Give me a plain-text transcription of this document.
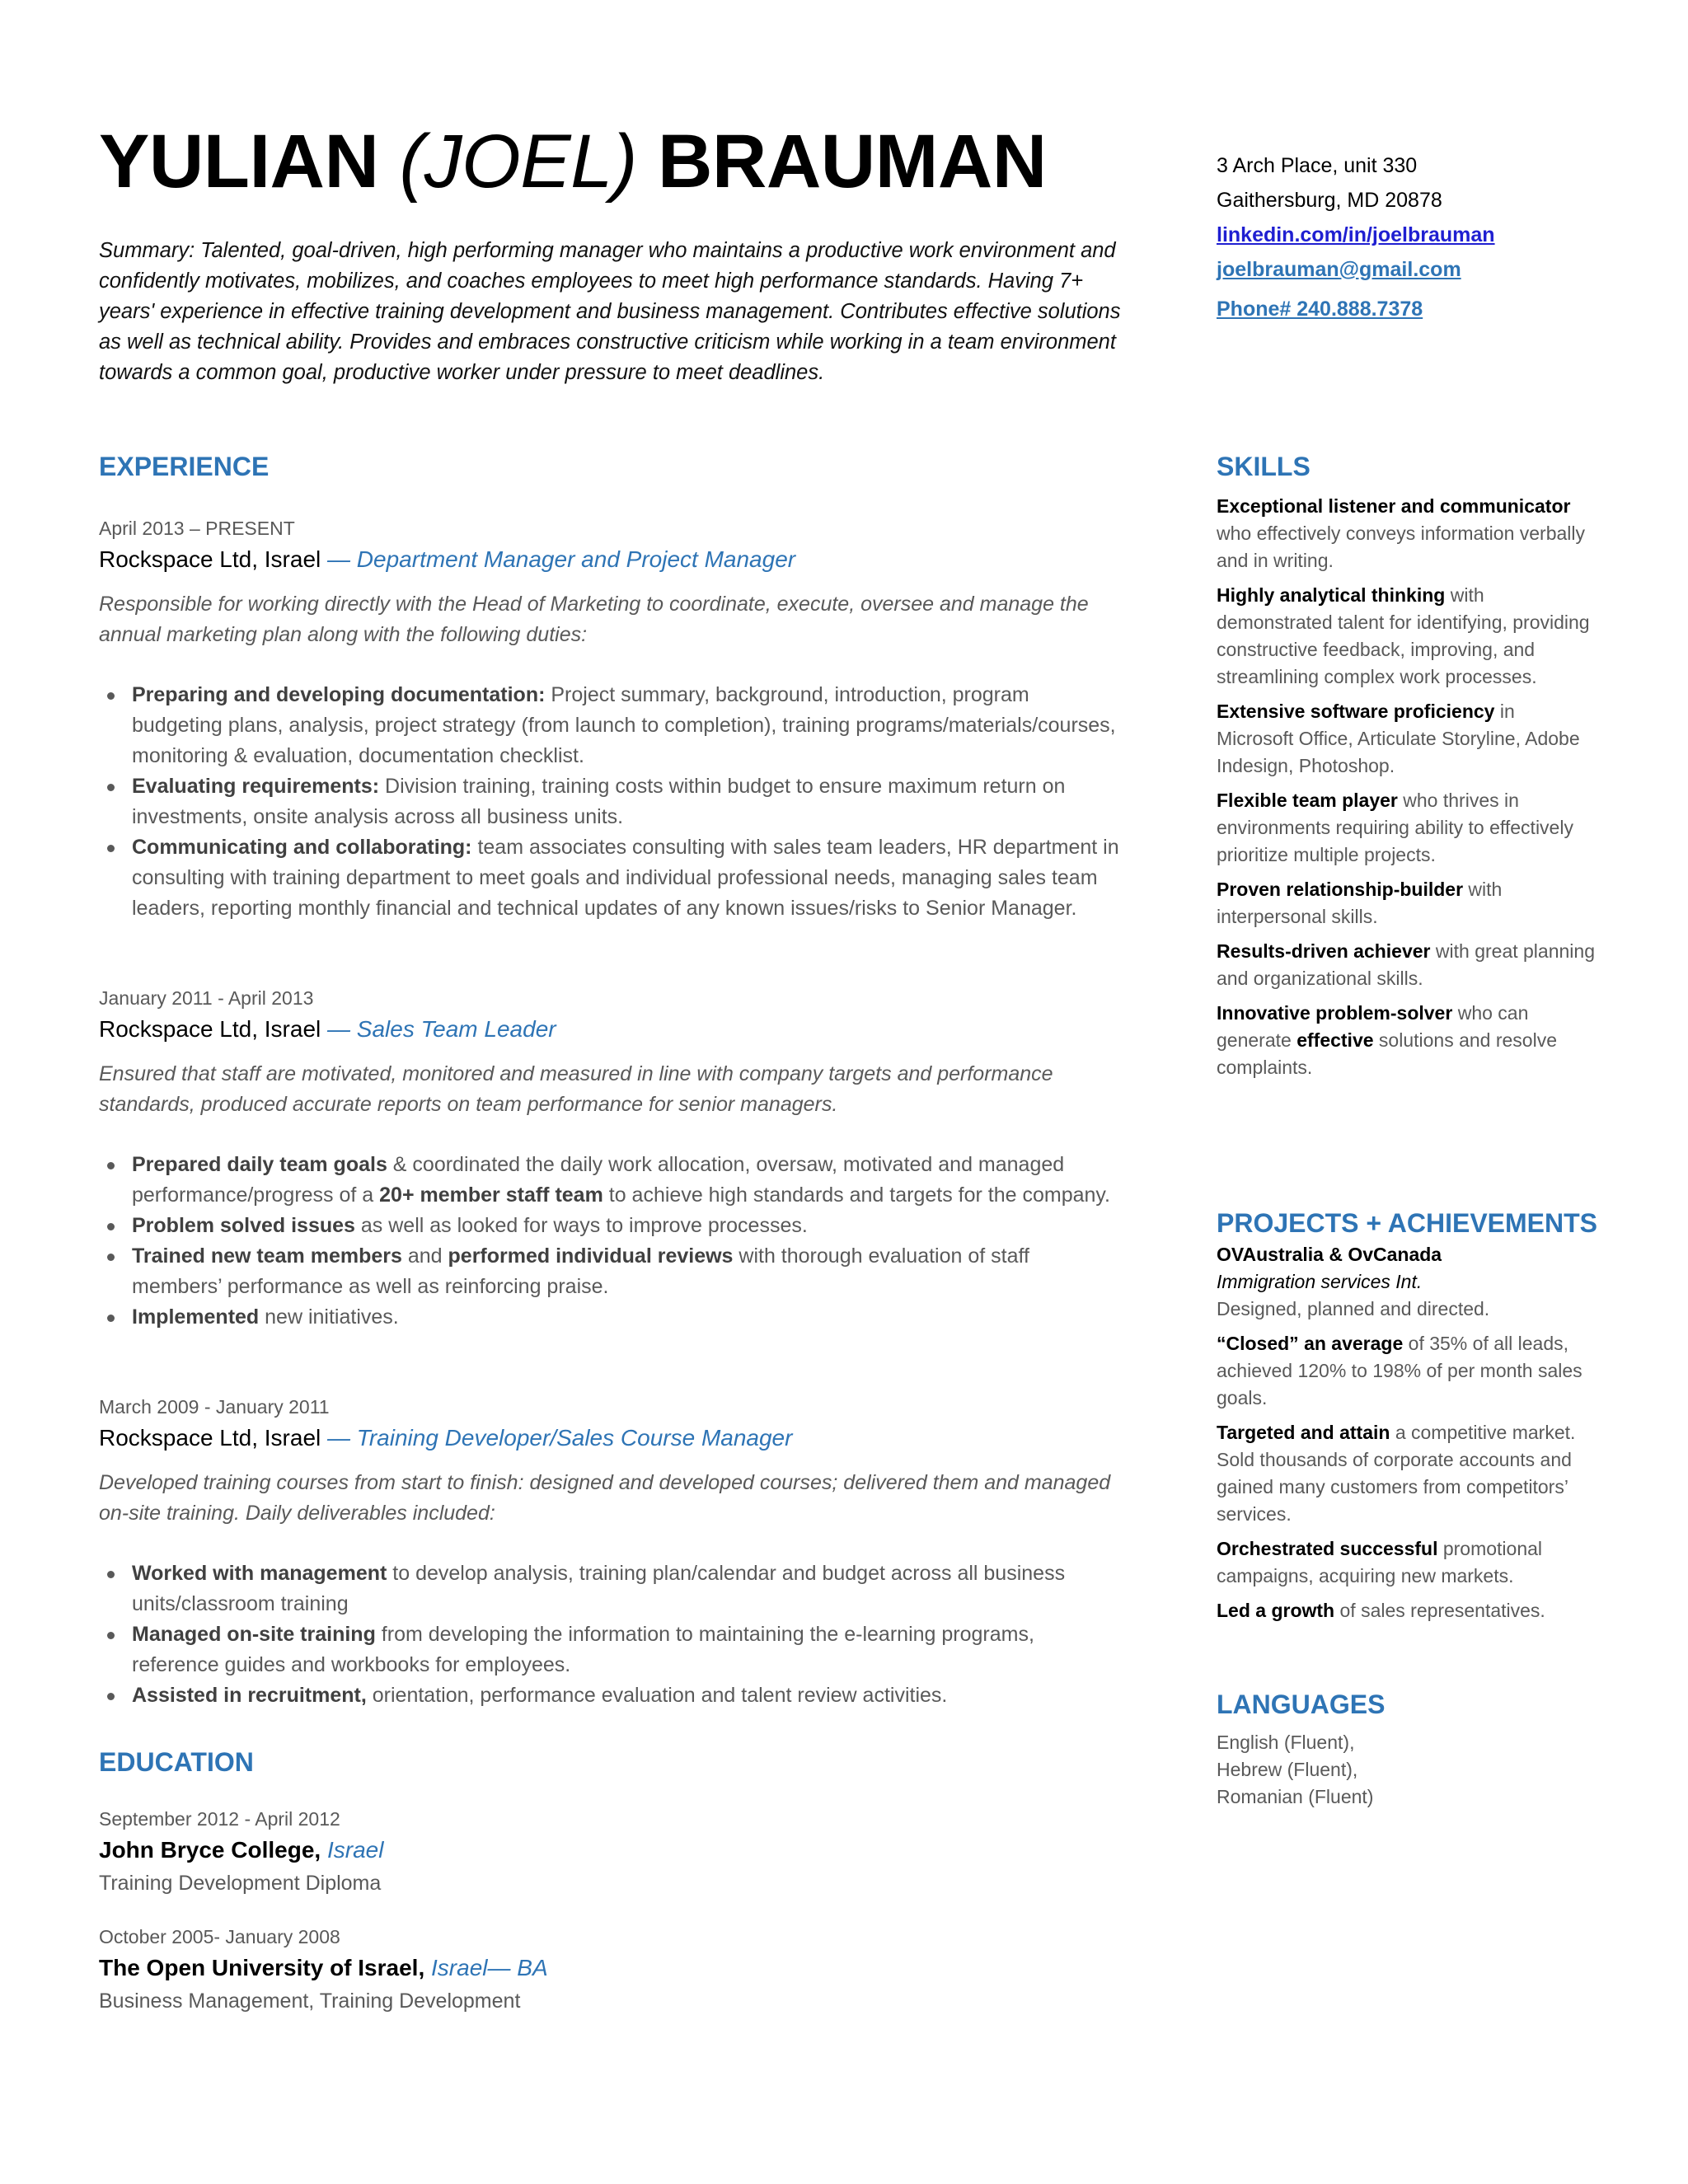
YULIAN (JOEL) BRAUMAN
Summary: Talented, goal-driven, high performing manager who maintains a productive work environment and confidently motivates, mobilizes, and coaches employees to meet high performance standards. Having 7+ years' experience in effective training development and business management. Contributes effective solutions as well as technical ability. Provides and embraces constructive criticism while working in a team environment towards a common goal, productive worker under pressure to meet deadlines.
EXPERIENCE
April 2013 – PRESENT
Rockspace Ltd, Israel — Department Manager and Project Manager
Responsible for working directly with the Head of Marketing to coordinate, execute, oversee and manage the annual marketing plan along with the following duties:
Preparing and developing documentation: Project summary, background, introduction, program budgeting plans, analysis, project strategy (from launch to completion), training programs/materials/courses, monitoring & evaluation, documentation checklist.
Evaluating requirements: Division training, training costs within budget to ensure maximum return on investments, onsite analysis across all business units.
Communicating and collaborating: team associates consulting with sales team leaders, HR department in consulting with training department to meet goals and individual professional needs, managing sales team leaders, reporting monthly financial and technical updates of any known issues/risks to Senior Manager.
January 2011 - April 2013
Rockspace Ltd, Israel — Sales Team Leader
Ensured that staff are motivated, monitored and measured in line with company targets and performance standards, produced accurate reports on team performance for senior managers.
Prepared daily team goals & coordinated the daily work allocation, oversaw, motivated and managed performance/progress of a 20+ member staff team to achieve high standards and targets for the company.
Problem solved issues as well as looked for ways to improve processes.
Trained new team members and performed individual reviews with thorough evaluation of staff members’ performance as well as reinforcing praise.
Implemented new initiatives.
March 2009 - January 2011
Rockspace Ltd, Israel — Training Developer/Sales Course Manager
Developed training courses from start to finish: designed and developed courses; delivered them and managed on-site training. Daily deliverables included:
Worked with management to develop analysis, training plan/calendar and budget across all business units/classroom training
Managed on-site training from developing the information to maintaining the e-learning programs, reference guides and workbooks for employees.
Assisted in recruitment, orientation, performance evaluation and talent review activities.
EDUCATION
September 2012 - April 2012
John Bryce College, Israel
Training Development Diploma
October 2005- January 2008
The Open University of Israel, Israel— BA
Business Management, Training Development
3 Arch Place, unit 330
Gaithersburg, MD 20878
linkedin.com/in/joelbrauman
joelbrauman@gmail.com
Phone# 240.888.7378
SKILLS
Exceptional listener and communicator who effectively conveys information verbally and in writing.
Highly analytical thinking with demonstrated talent for identifying, providing constructive feedback, improving, and streamlining complex work processes.
Extensive software proficiency in Microsoft Office, Articulate Storyline, Adobe Indesign, Photoshop.
Flexible team player who thrives in environments requiring ability to effectively prioritize multiple projects.
Proven relationship-builder with interpersonal skills.
Results-driven achiever with great planning and organizational skills.
Innovative problem-solver who can generate effective solutions and resolve complaints.
PROJECTS + ACHIEVEMENTS
OVAustralia & OvCanada
Immigration services Int.
Designed, planned and directed.
“Closed” an average of 35% of all leads, achieved 120% to 198% of per month sales goals.
Targeted and attain a competitive market. Sold thousands of corporate accounts and gained many customers from competitors’ services.
Orchestrated successful promotional campaigns, acquiring new markets.
Led a growth of sales representatives.
LANGUAGES
English (Fluent),
Hebrew (Fluent),
Romanian (Fluent)
